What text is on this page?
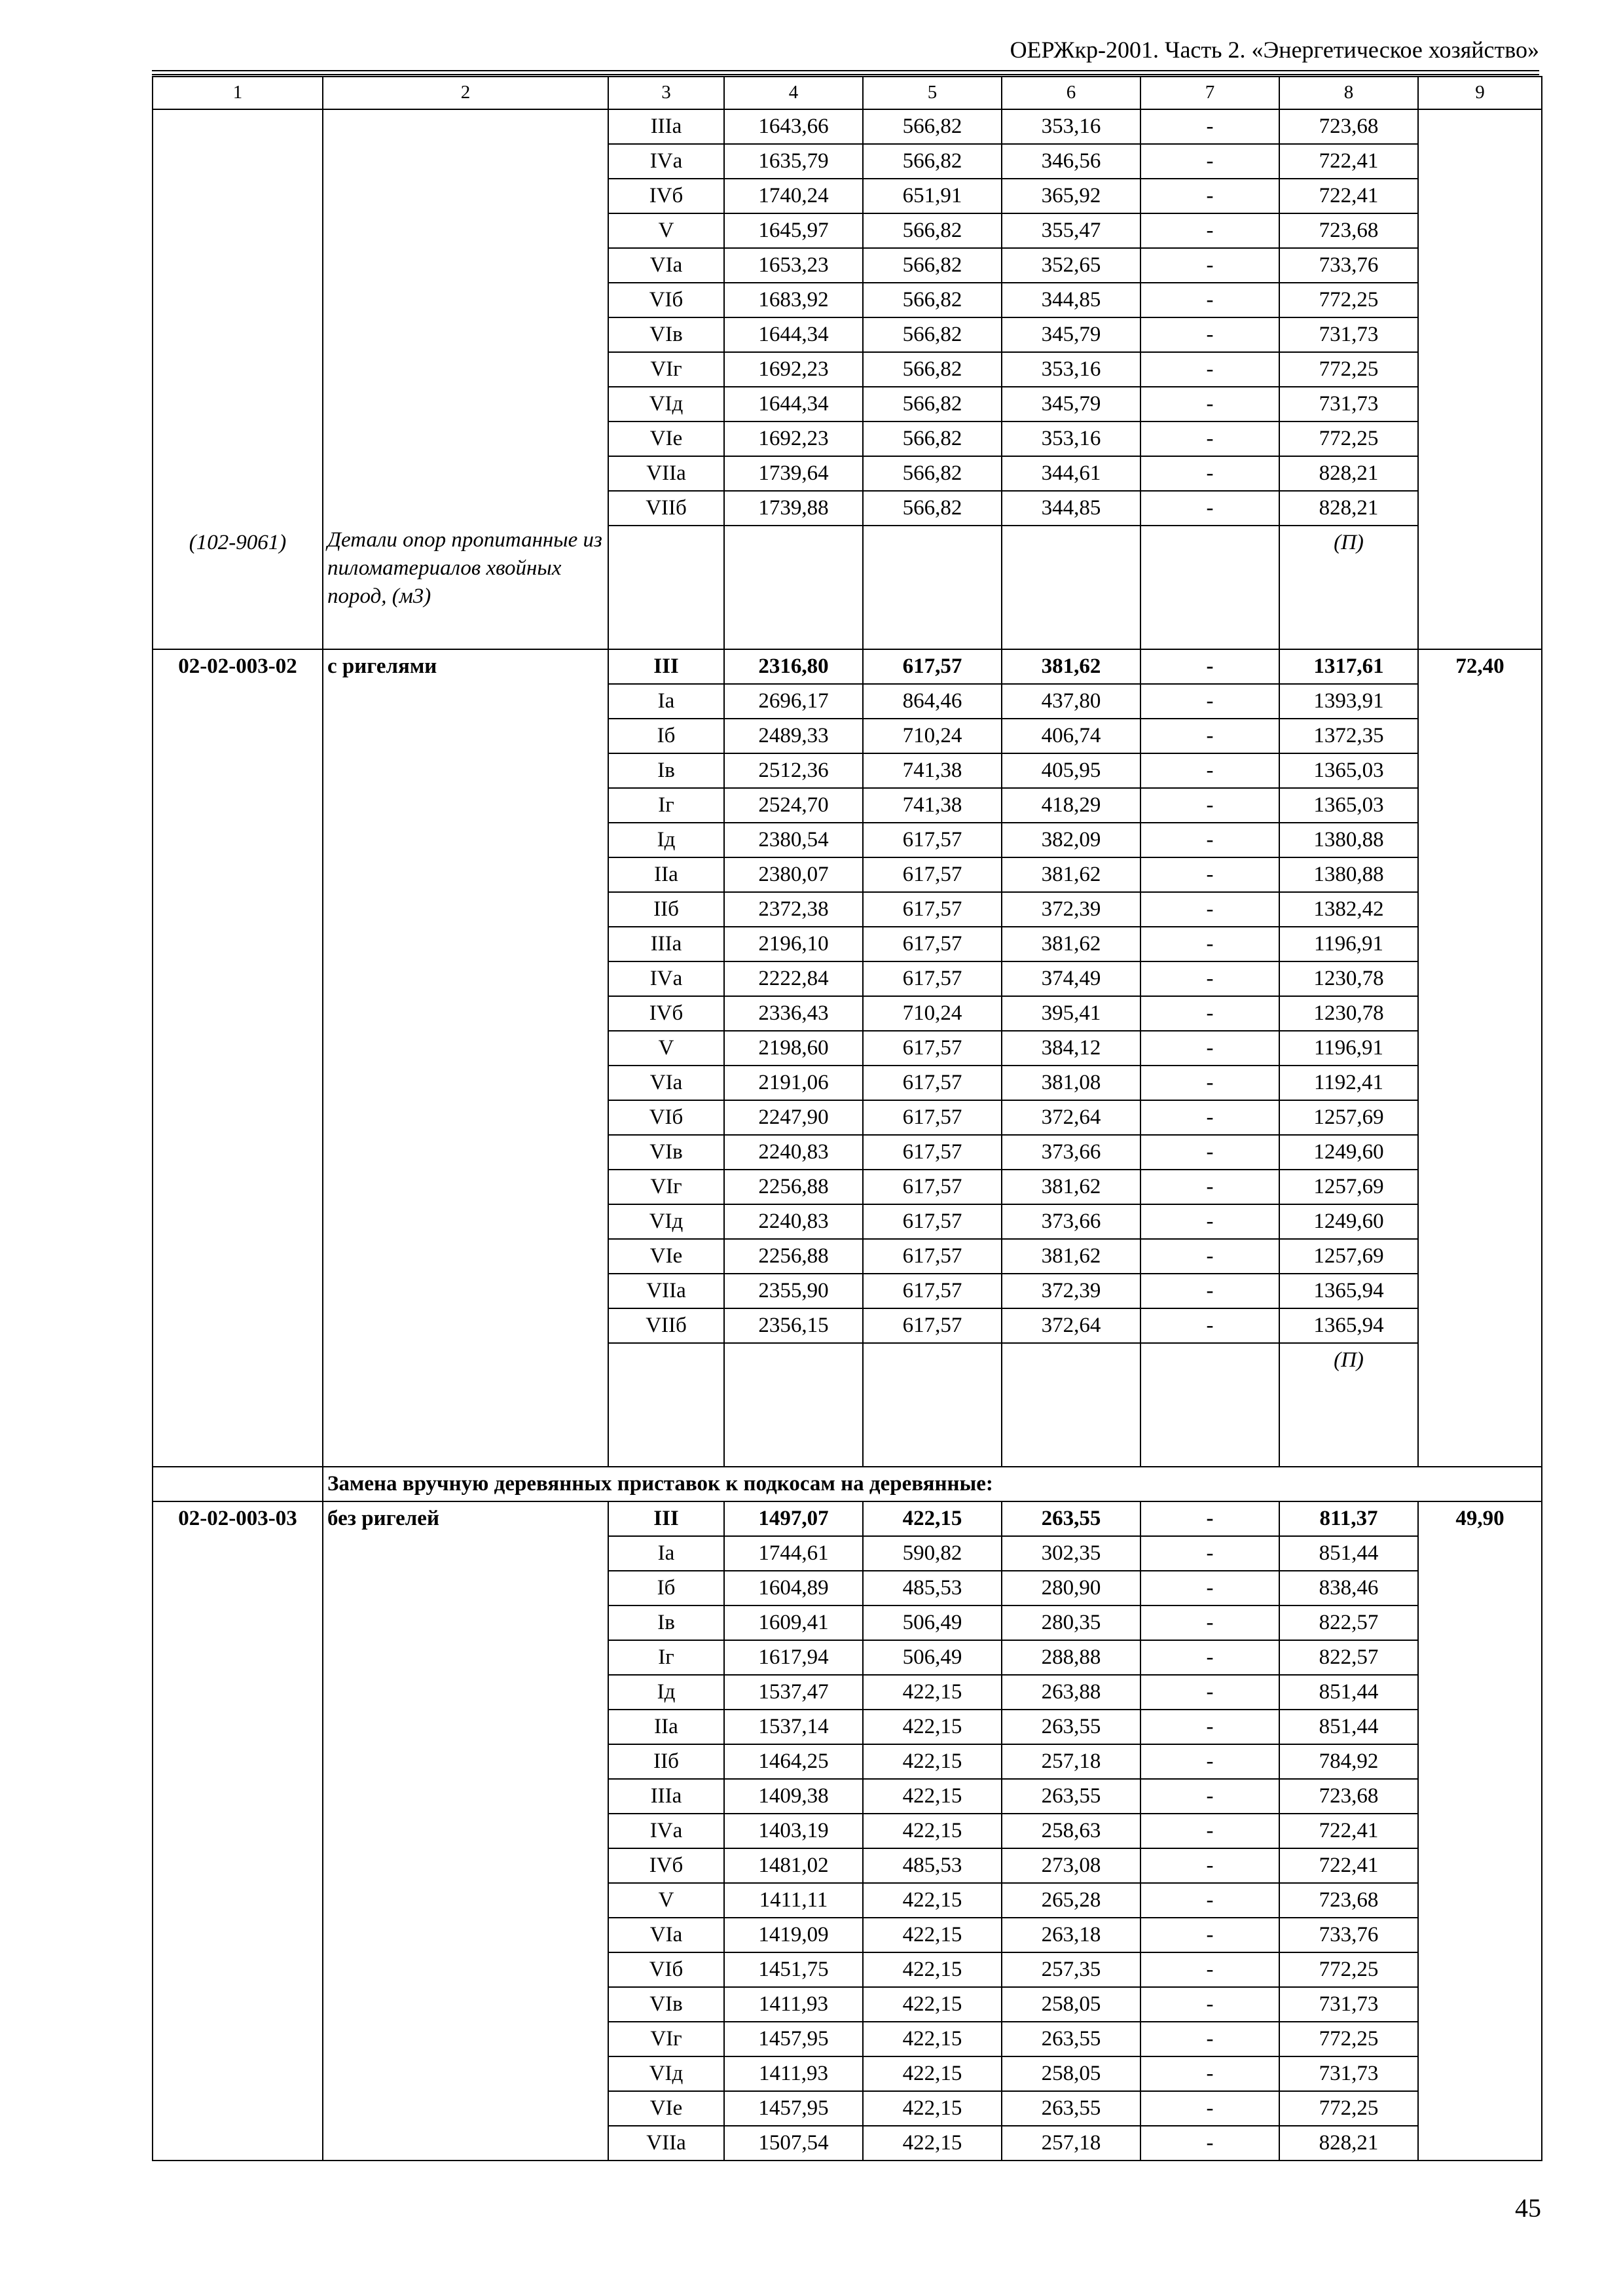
ОЕРЖкр-2001. Часть 2. «Энергетическое хозяйство»
1	2	3	4	5	6	7	8	9

(102-9061)	Детали опор пропитанные из пиломатериалов хвойных пород, (м3)	IIIа	1643,66	566,82	353,16	-	723,68	
		IVа	1635,79	566,82	346,56	-	722,41	
		IVб	1740,24	651,91	365,92	-	722,41	
		V	1645,97	566,82	355,47	-	723,68	
		VIа	1653,23	566,82	352,65	-	733,76	
		VIб	1683,92	566,82	344,85	-	772,25	
		VIв	1644,34	566,82	345,79	-	731,73	
		VIг	1692,23	566,82	353,16	-	772,25	
		VIд	1644,34	566,82	345,79	-	731,73	
		VIе	1692,23	566,82	353,16	-	772,25	
		VIIа	1739,64	566,82	344,61	-	828,21	
		VIIб	1739,88	566,82	344,85	-	828,21	
							(П)	
02-02-003-02	с ригелями	III	2316,80	617,57	381,62	-	1317,61	72,40
		Iа	2696,17	864,46	437,80	-	1393,91	
		Iб	2489,33	710,24	406,74	-	1372,35	
		Iв	2512,36	741,38	405,95	-	1365,03	
		Iг	2524,70	741,38	418,29	-	1365,03	
		Iд	2380,54	617,57	382,09	-	1380,88	
		IIа	2380,07	617,57	381,62	-	1380,88	
		IIб	2372,38	617,57	372,39	-	1382,42	
		IIIа	2196,10	617,57	381,62	-	1196,91	
		IVа	2222,84	617,57	374,49	-	1230,78	
		IVб	2336,43	710,24	395,41	-	1230,78	
		V	2198,60	617,57	384,12	-	1196,91	
		VIа	2191,06	617,57	381,08	-	1192,41	
		VIб	2247,90	617,57	372,64	-	1257,69	
		VIв	2240,83	617,57	373,66	-	1249,60	
		VIг	2256,88	617,57	381,62	-	1257,69	
		VIд	2240,83	617,57	373,66	-	1249,60	
		VIе	2256,88	617,57	381,62	-	1257,69	
		VIIа	2355,90	617,57	372,39	-	1365,94	
		VIIб	2356,15	617,57	372,64	-	1365,94	
							(П)	
	Замена вручную деревянных приставок к подкосам на деревянные:							
02-02-003-03	без ригелей	III	1497,07	422,15	263,55	-	811,37	49,90
		Iа	1744,61	590,82	302,35	-	851,44	
		Iб	1604,89	485,53	280,90	-	838,46	
		Iв	1609,41	506,49	280,35	-	822,57	
		Iг	1617,94	506,49	288,88	-	822,57	
		Iд	1537,47	422,15	263,88	-	851,44	
		IIа	1537,14	422,15	263,55	-	851,44	
		IIб	1464,25	422,15	257,18	-	784,92	
		IIIа	1409,38	422,15	263,55	-	723,68	
		IVа	1403,19	422,15	258,63	-	722,41	
		IVб	1481,02	485,53	273,08	-	722,41	
		V	1411,11	422,15	265,28	-	723,68	
		VIа	1419,09	422,15	263,18	-	733,76	
		VIб	1451,75	422,15	257,35	-	772,25	
		VIв	1411,93	422,15	258,05	-	731,73	
		VIг	1457,95	422,15	263,55	-	772,25	
		VIд	1411,93	422,15	258,05	-	731,73	
		VIе	1457,95	422,15	263,55	-	772,25	
		VIIа	1507,54	422,15	257,18	-	828,21	
45
